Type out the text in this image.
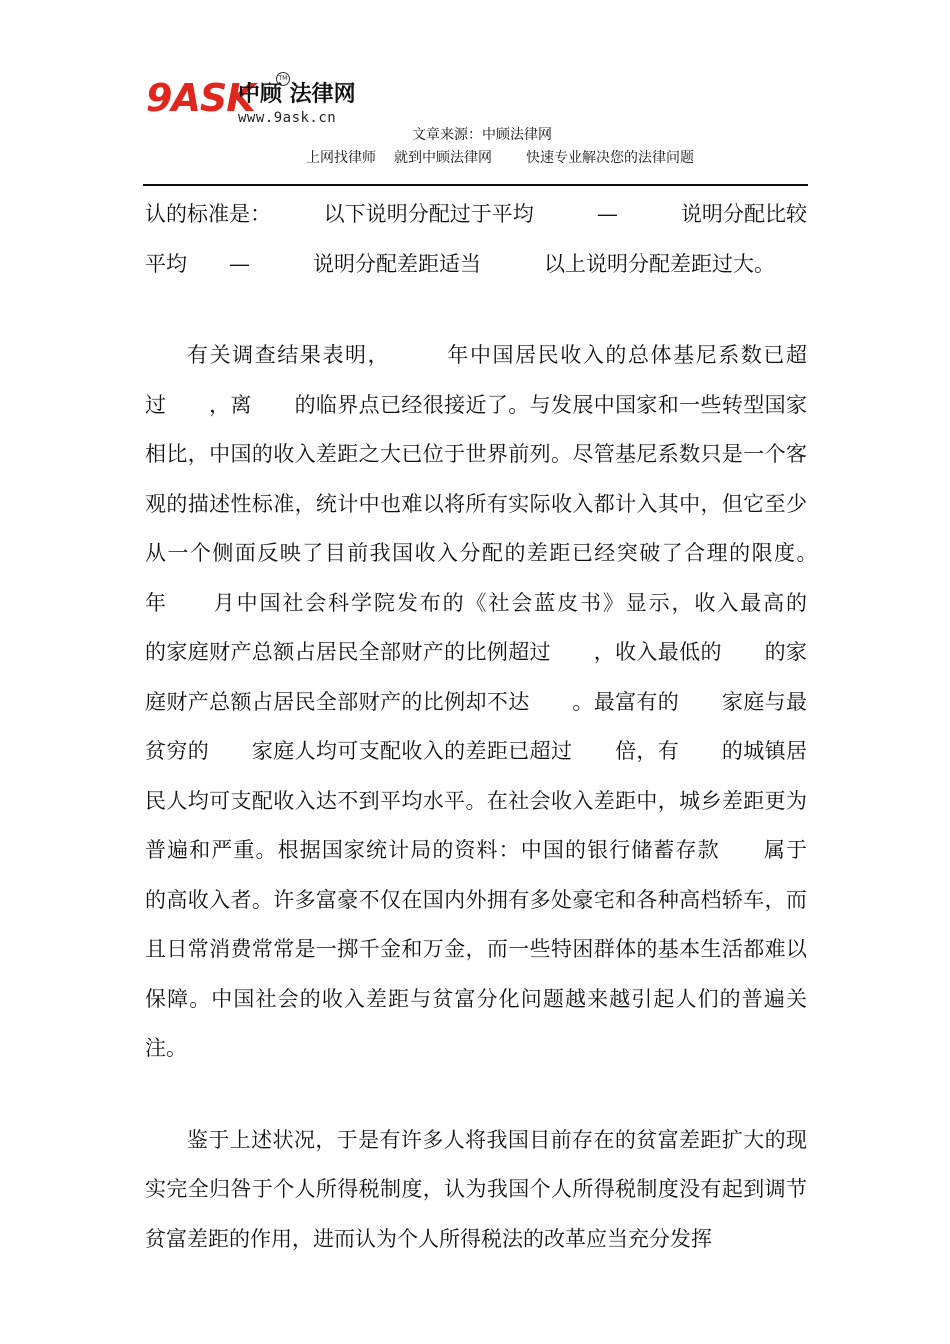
9ASK
中顾 法律网
TM
www.9ask.cn
文章来源：中顾法律网
上网找律师 就到中顾法律网 快速专业解决您的法律问题

认的标准是：　　　以下说明分配过于平均　　　—　　　说明分配比较平均　　—　　　说明分配差距适当　　　以上说明分配差距过大。

有关调查结果表明，　　　年中国居民收入的总体基尼系数已超过　　，离　　的临界点已经很接近了。与发展中国家和一些转型国家相比，中国的收入差距之大已位于世界前列。尽管基尼系数只是一个客观的描述性标准，统计中也难以将所有实际收入都计入其中，但它至少从一个侧面反映了目前我国收入分配的差距已经突破了合理的限度。　　年　　月中国社会科学院发布的《社会蓝皮书》显示，收入最高的　　的家庭财产总额占居民全部财产的比例超过　　，收入最低的　　的家庭财产总额占居民全部财产的比例却不达　　。最富有的　　家庭与最贫穷的　　家庭人均可支配收入的差距已超过　　倍，有　　的城镇居民人均可支配收入达不到平均水平。在社会收入差距中，城乡差距更为普遍和严重。根据国家统计局的资料：中国的银行储蓄存款　　属于　　的高收入者。许多富豪不仅在国内外拥有多处豪宅和各种高档轿车，而且日常消费常常是一掷千金和万金，而一些特困群体的基本生活都难以保障。中国社会的收入差距与贫富分化问题越来越引起人们的普遍关注。

鉴于上述状况，于是有许多人将我国目前存在的贫富差距扩大的现实完全归咎于个人所得税制度，认为我国个人所得税制度没有起到调节贫富差距的作用，进而认为个人所得税法的改革应当充分发挥
